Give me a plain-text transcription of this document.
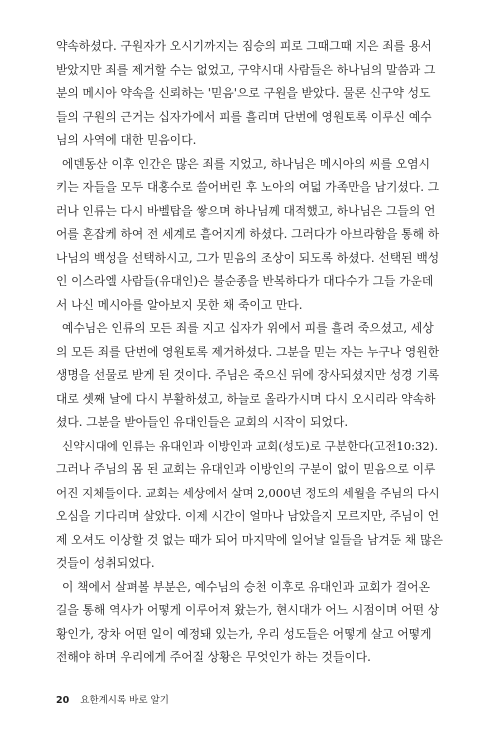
약속하셨다. 구원자가 오시기까지는 짐승의 피로 그때그때 지은 죄를 용서
받았지만 죄를 제거할 수는 없었고, 구약시대 사람들은 하나님의 말씀과 그
분의 메시아 약속을 신뢰하는 '믿음'으로 구원을 받았다. 물론 신구약 성도
들의 구원의 근거는 십자가에서 피를 흘리며 단번에 영원토록 이루신 예수
님의 사역에 대한 믿음이다.

에덴동산 이후 인간은 많은 죄를 지었고, 하나님은 메시아의 씨를 오염시
키는 자들을 모두 대홍수로 쓸어버린 후 노아의 여덟 가족만을 남기셨다. 그
러나 인류는 다시 바벨탑을 쌓으며 하나님께 대적했고, 하나님은 그들의 언
어를 혼잡케 하여 전 세계로 흩어지게 하셨다. 그러다가 아브라함을 통해 하
나님의 백성을 선택하시고, 그가 믿음의 조상이 되도록 하셨다. 선택된 백성
인 이스라엘 사람들(유대인)은 불순종을 반복하다가 대다수가 그들 가운데
서 나신 메시아를 알아보지 못한 채 죽이고 만다.

예수님은 인류의 모든 죄를 지고 십자가 위에서 피를 흘려 죽으셨고, 세상
의 모든 죄를 단번에 영원토록 제거하셨다. 그분을 믿는 자는 누구나 영원한
생명을 선물로 받게 된 것이다. 주님은 죽으신 뒤에 장사되셨지만 성경 기록
대로 셋째 날에 다시 부활하셨고, 하늘로 올라가시며 다시 오시리라 약속하
셨다. 그분을 받아들인 유대인들은 교회의 시작이 되었다.

신약시대에 인류는 유대인과 이방인과 교회(성도)로 구분한다(고전10:32).
그러나 주님의 몸 된 교회는 유대인과 이방인의 구분이 없이 믿음으로 이루
어진 지체들이다. 교회는 세상에서 살며 2,000년 정도의 세월을 주님의 다시
오심을 기다리며 살았다. 이제 시간이 얼마나 남았을지 모르지만, 주님이 언
제 오셔도 이상할 것 없는 때가 되어 마지막에 일어날 일들을 남겨둔 채 많은
것들이 성취되었다.

이 책에서 살펴볼 부분은, 예수님의 승천 이후로 유대인과 교회가 걸어온
길을 통해 역사가 어떻게 이루어져 왔는가, 현시대가 어느 시점이며 어떤 상
황인가, 장차 어떤 일이 예정돼 있는가, 우리 성도들은 어떻게 살고 어떻게
전해야 하며 우리에게 주어질 상황은 무엇인가 하는 것들이다.

20 요한계시록 바로 알기
